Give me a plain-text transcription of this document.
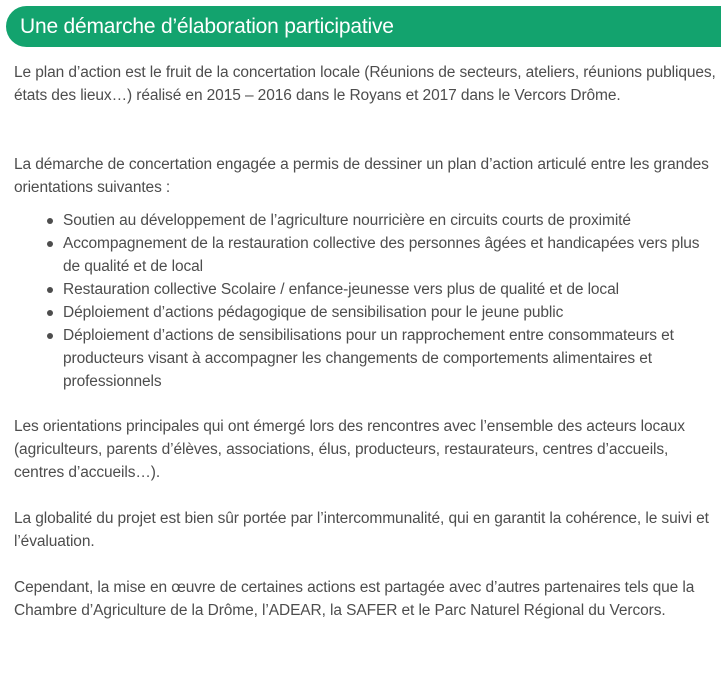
Une démarche d’élaboration participative

Le plan d’action est le fruit de la concertation locale (Réunions de secteurs, ateliers, réunions publiques, états des lieux…) réalisé en 2015 – 2016 dans le Royans et 2017 dans le Vercors Drôme.

La démarche de concertation engagée a permis de dessiner un plan d’action articulé entre les grandes orientations suivantes :

Soutien au développement de l’agriculture nourricière en circuits courts de proximité
Accompagnement de la restauration collective des personnes âgées et handicapées vers plus de qualité et de local
Restauration collective Scolaire / enfance-jeunesse vers plus de qualité et de local
Déploiement d’actions pédagogique de sensibilisation pour le jeune public
Déploiement d’actions de sensibilisations pour un rapprochement entre consommateurs et producteurs visant à accompagner les changements de comportements alimentaires et professionnels

Les orientations principales qui ont émergé lors des rencontres avec l’ensemble des acteurs locaux (agriculteurs, parents d’élèves, associations, élus, producteurs, restaurateurs, centres d’accueils, centres d’accueils…).

La globalité du projet est bien sûr portée par l’intercommunalité, qui en garantit la cohérence, le suivi et l’évaluation.

Cependant, la mise en œuvre de certaines actions est partagée avec d’autres partenaires tels que la Chambre d’Agriculture de la Drôme, l’ADEAR, la SAFER et le Parc Naturel Régional du Vercors.
